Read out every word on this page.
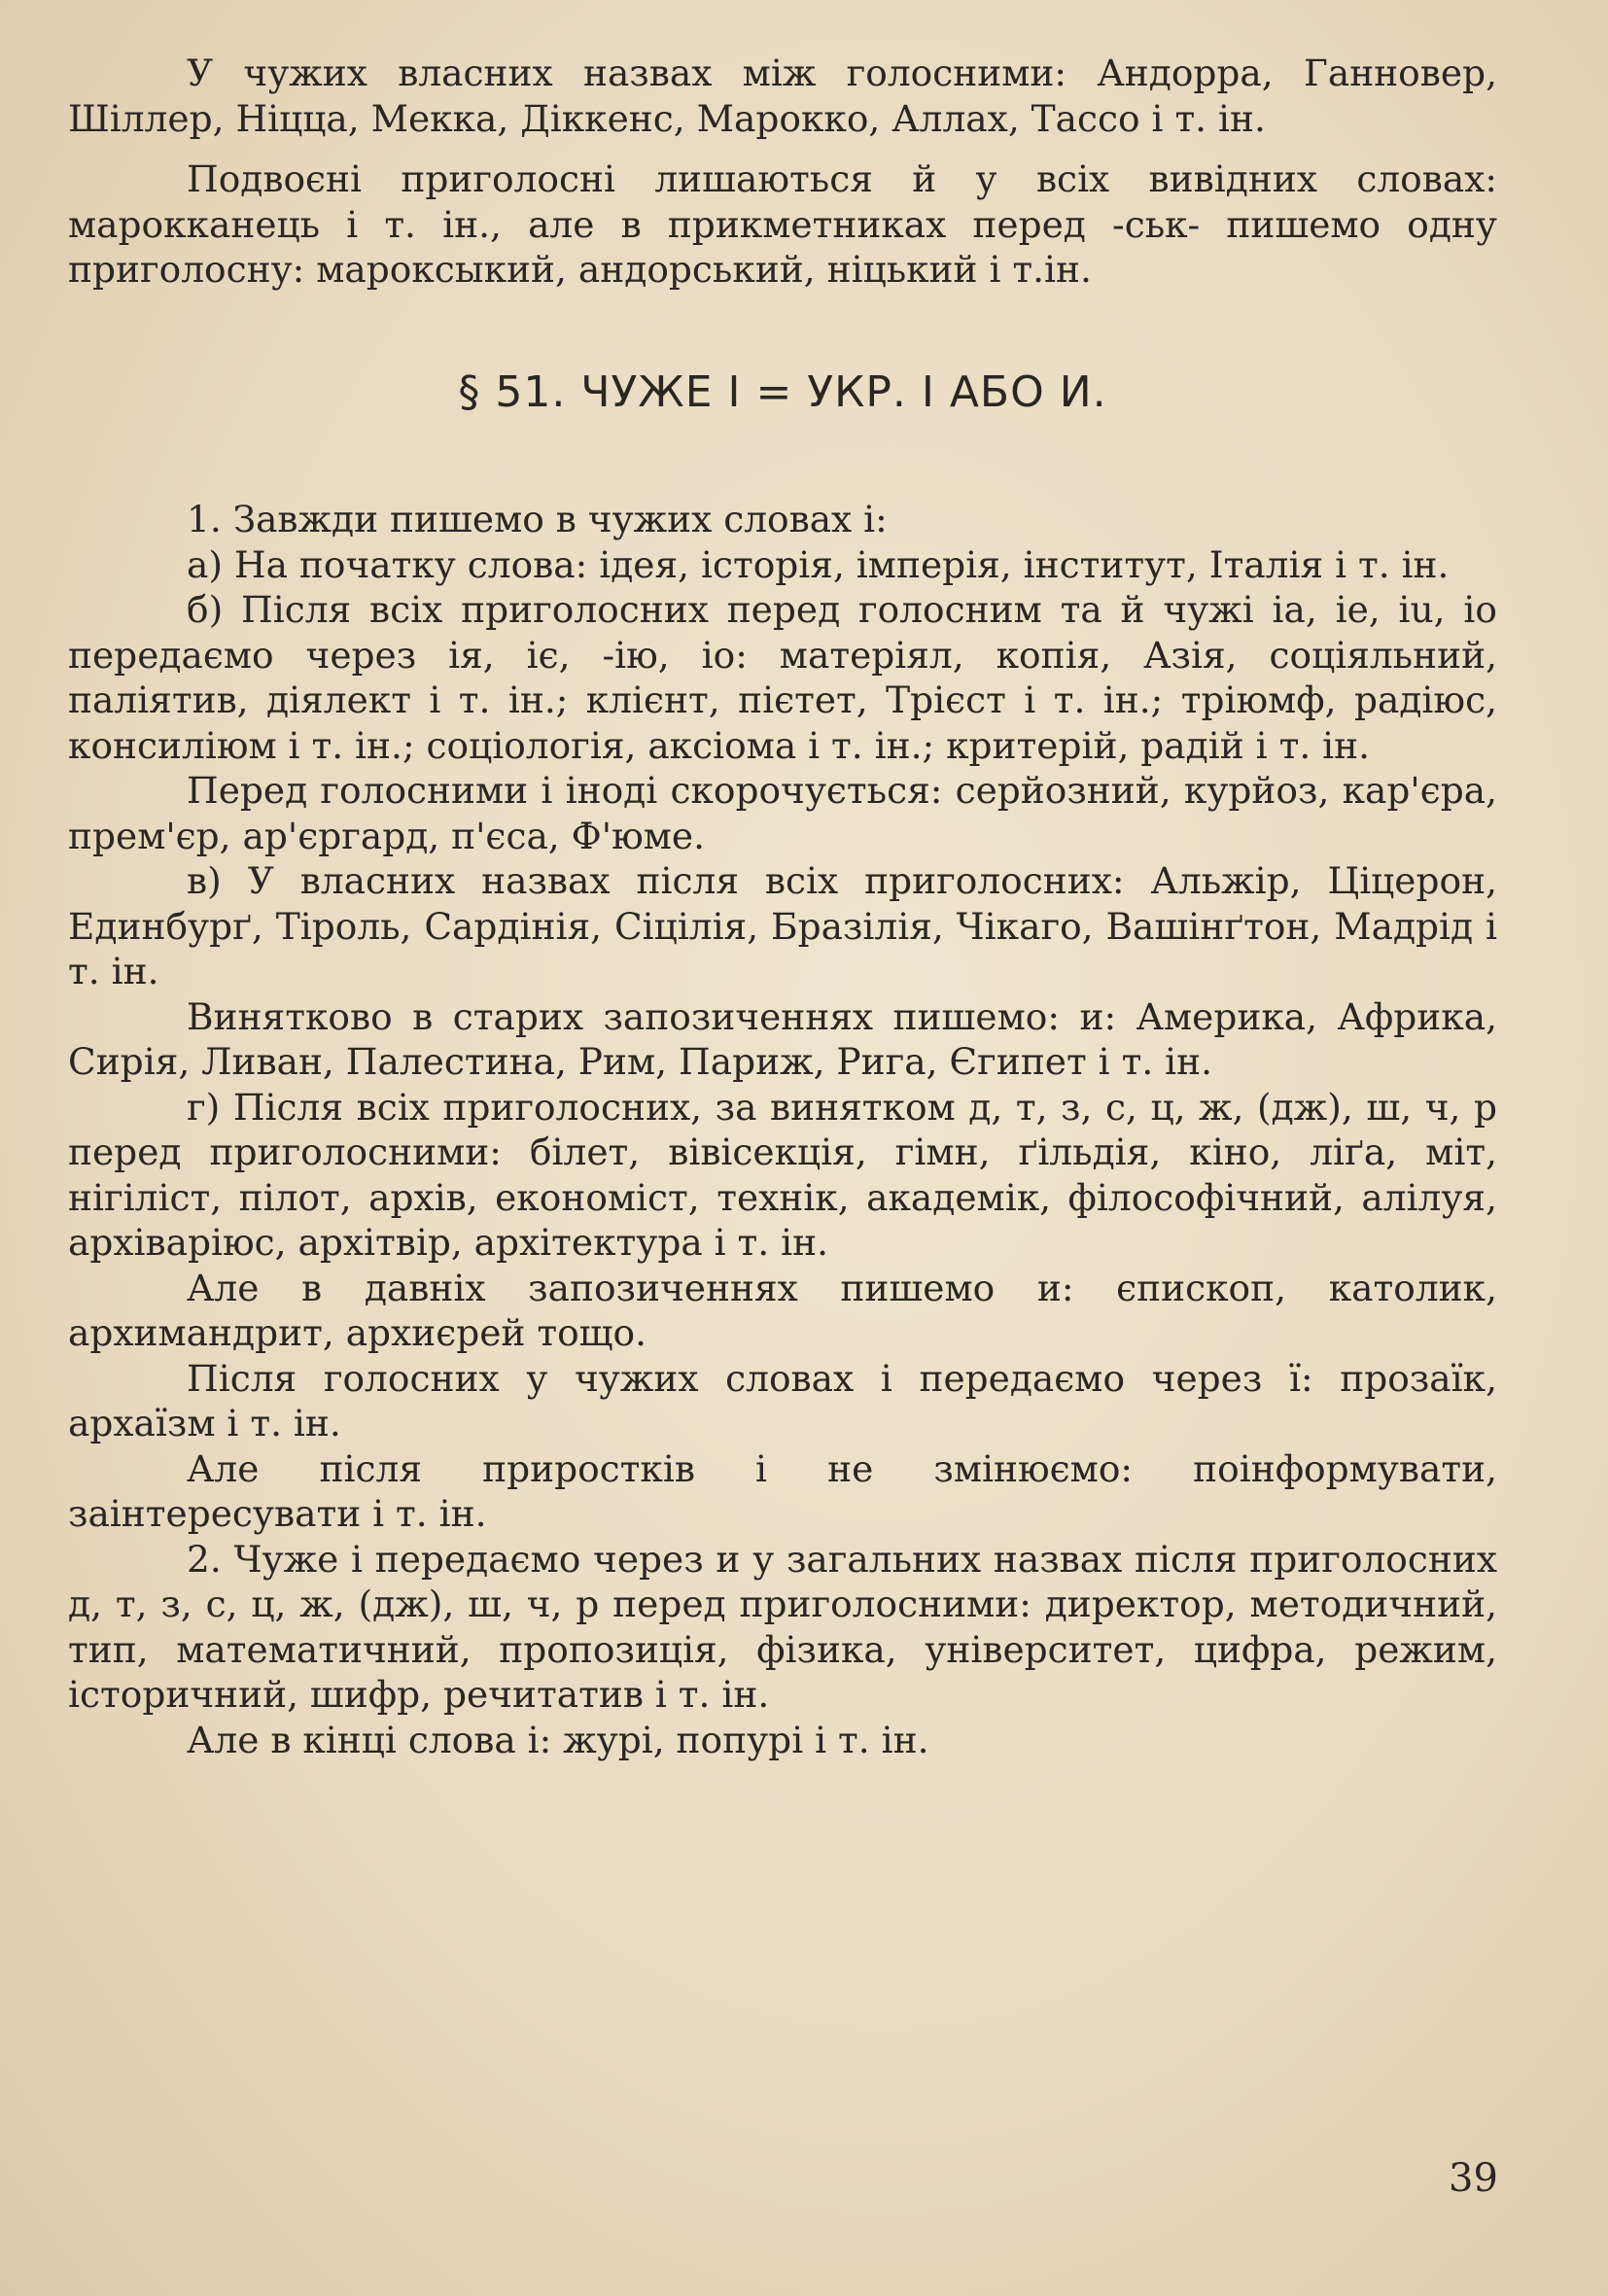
У чужих власних назвах між голосними: Андорра, Ганновер, Шіллер, Ніцца, Мекка, Діккенс, Марокко, Аллах, Тассо і т. ін.

Подвоєні приголосні лишаються й у всіх вивідних словах: марокканець і т. ін., але в прикметниках перед -ськ- пишемо одну приголосну: мароксыкий, андорський, ніцький і т.ін.

§ 51. ЧУЖЕ І = УКР. І АБО И.

1. Завжди пишемо в чужих словах і:

а) На початку слова: ідея, історія, імперія, інститут, Італія і т. ін.

б) Після всіх приголосних перед голосним та й чужі ia, ie, iu, io передаємо через ія, іє, -ію, іо: матеріял, копія, Азія, соціяльний, паліятив, діялект і т. ін.; клієнт, пієтет, Трієст і т. ін.; тріюмф, радіюс, консиліюм і т. ін.; соціологія, аксіома і т. ін.; критерій, радій і т. ін.

Перед голосними і іноді скорочується: серйозний, курйоз, кар'єра, прем'єр, ар'єргард, п'єса, Ф'юме.

в) У власних назвах після всіх приголосних: Альжір, Ціцерон, Единбурґ, Тіроль, Сардінія, Сіцілія, Бразілія, Чікаго, Вашінґтон, Мадрід і т. ін.

Винятково в старих запозиченнях пишемо: и: Америка, Африка, Сирія, Ливан, Палестина, Рим, Париж, Рига, Єгипет і т. ін.

г) Після всіх приголосних, за винятком д, т, з, с, ц, ж, (дж), ш, ч, р перед приголосними: білет, вівісекція, гімн, ґільдія, кіно, ліґа, міт, нігіліст, пілот, архів, економіст, технік, академік, філософічний, алілуя, архіваріюс, архітвір, архітектура і т. ін.

Але в давніх запозиченнях пишемо и: єпископ, католик, архимандрит, архиєрей тощо.

Після голосних у чужих словах і передаємо через ї: прозаїк, архаїзм і т. ін.

Але після приростків і не змінюємо: поінформувати, заінтересувати і т. ін.

2. Чуже і передаємо через и у загальних назвах після приголосних д, т, з, с, ц, ж, (дж), ш, ч, р перед приголосними: директор, методичний, тип, математичний, пропозиція, фізика, університет, цифра, режим, історичний, шифр, речитатив і т. ін.

Але в кінці слова і: журі, попурі і т. ін.

39
